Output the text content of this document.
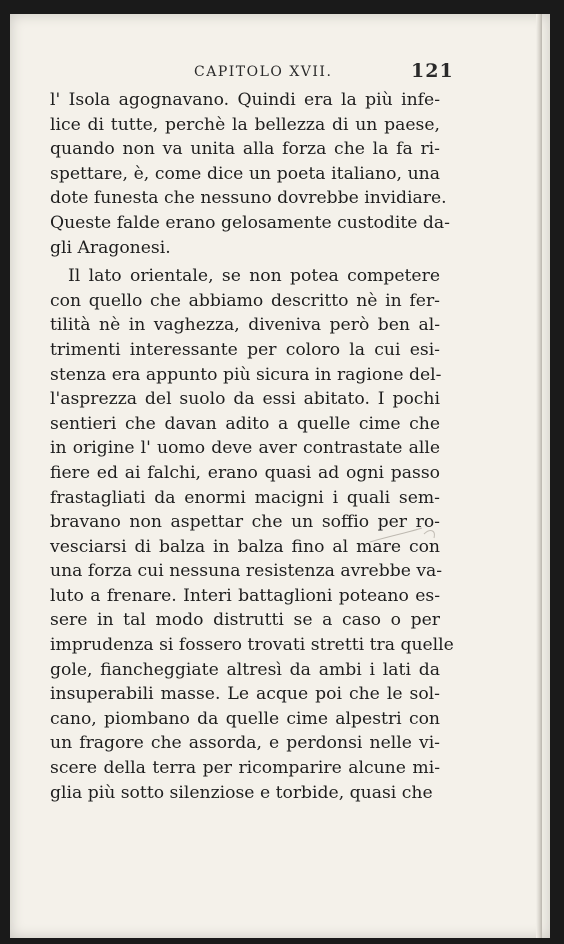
CAPITOLO XVII.	121
l' Isola agognavano. Quindi era la più infe-
lice di tutte, perchè la bellezza di un paese,
quando non va unita alla forza che la fa ri-
spettare, è, come dice un poeta italiano, una
dote funesta che nessuno dovrebbe invidiare.
Queste falde erano gelosamente custodite da-
gli Aragonesi.
Il lato orientale, se non potea competere
con quello che abbiamo descritto nè in fer-
tilità nè in vaghezza, diveniva però ben al-
trimenti interessante per coloro la cui esi-
stenza era appunto più sicura in ragione del-
l'asprezza del suolo da essi abitato. I pochi
sentieri che davan adito a quelle cime che
in origine l' uomo deve aver contrastate alle
fiere ed ai falchi, erano quasi ad ogni passo
frastagliati da enormi macigni i quali sem-
bravano non aspettar che un soffio per ro-
vesciarsi di balza in balza fino al mare con
una forza cui nessuna resistenza avrebbe va-
luto a frenare. Interi battaglioni poteano es-
sere in tal modo distrutti se a caso o per
imprudenza si fossero trovati stretti tra quelle
gole, fiancheggiate altresì da ambi i lati da
insuperabili masse. Le acque poi che le sol-
cano, piombano da quelle cime alpestri con
un fragore che assorda, e perdonsi nelle vi-
scere della terra per ricomparire alcune mi-
glia più sotto silenziose e torbide, quasi che
